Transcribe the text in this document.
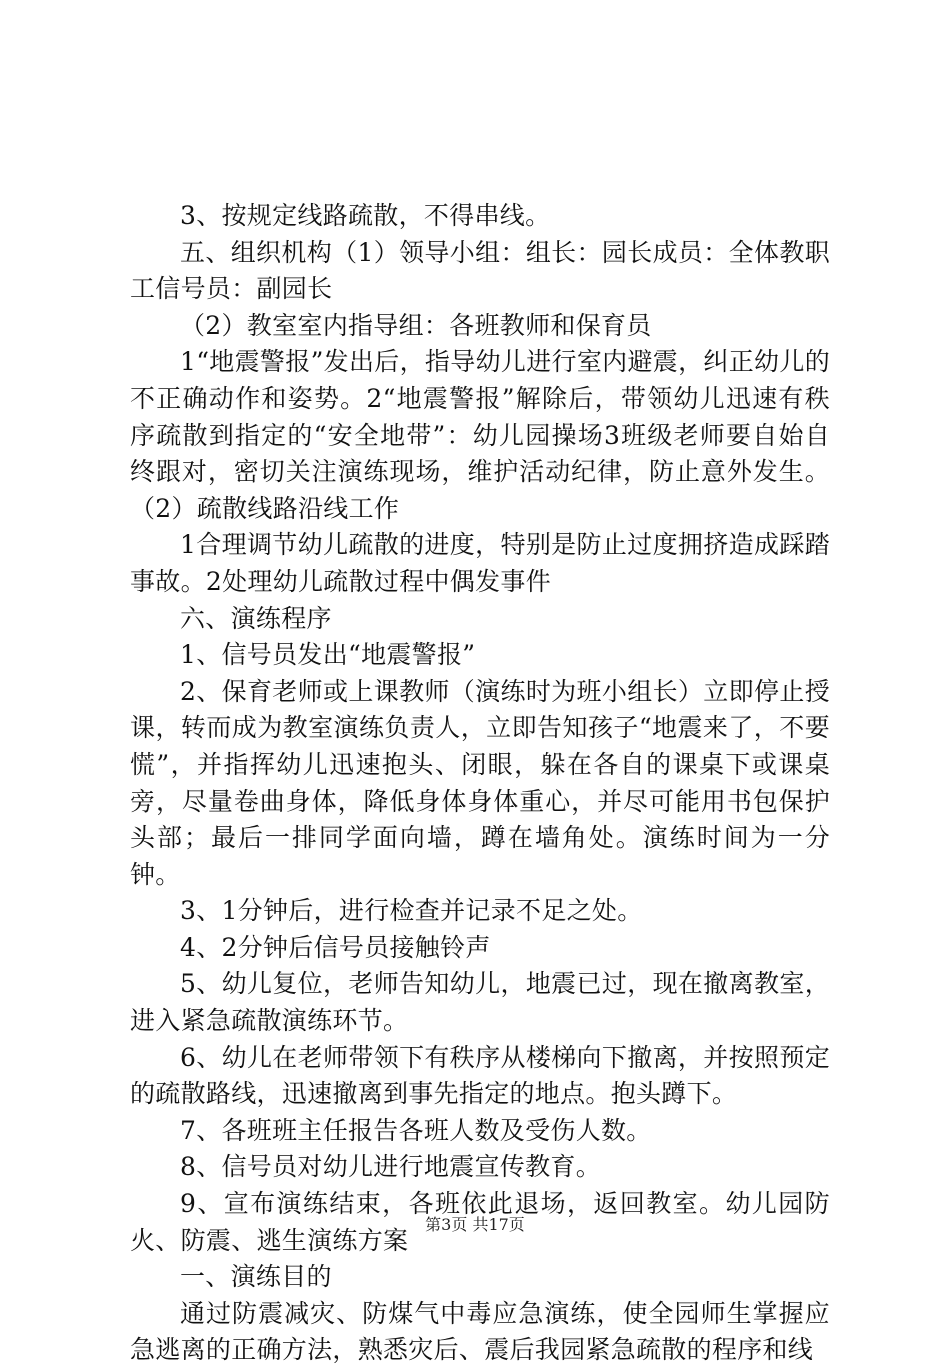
3、按规定线路疏散，不得串线。

五、组织机构（1）领导小组：组长：园长成员：全体教职工信号员：副园长

（2）教室室内指导组：各班教师和保育员

1“地震警报”发出后，指导幼儿进行室内避震，纠正幼儿的不正确动作和姿势。2“地震警报”解除后，带领幼儿迅速有秩序疏散到指定的“安全地带”：幼儿园操场3班级老师要自始自终跟对，密切关注演练现场，维护活动纪律，防止意外发生。（2）疏散线路沿线工作

1合理调节幼儿疏散的进度，特别是防止过度拥挤造成踩踏事故。2处理幼儿疏散过程中偶发事件

六、演练程序

1、信号员发出“地震警报”

2、保育老师或上课教师（演练时为班小组长）立即停止授课，转而成为教室演练负责人，立即告知孩子“地震来了，不要慌”，并指挥幼儿迅速抱头、闭眼，躲在各自的课桌下或课桌旁，尽量卷曲身体，降低身体身体重心，并尽可能用书包保护头部；最后一排同学面向墙，蹲在墙角处。演练时间为一分钟。

3、1分钟后，进行检查并记录不足之处。

4、2分钟后信号员接触铃声

5、幼儿复位，老师告知幼儿，地震已过，现在撤离教室，进入紧急疏散演练环节。

6、幼儿在老师带领下有秩序从楼梯向下撤离，并按照预定的疏散路线，迅速撤离到事先指定的地点。抱头蹲下。

7、各班班主任报告各班人数及受伤人数。

8、信号员对幼儿进行地震宣传教育。

9、宣布演练结束，各班依此退场，返回教室。幼儿园防火、防震、逃生演练方案

一、演练目的

通过防震减灾、防煤气中毒应急演练，使全园师生掌握应急逃离的正确方法，熟悉灾后、震后我园紧急疏散的程序和线

第3页 共17页
